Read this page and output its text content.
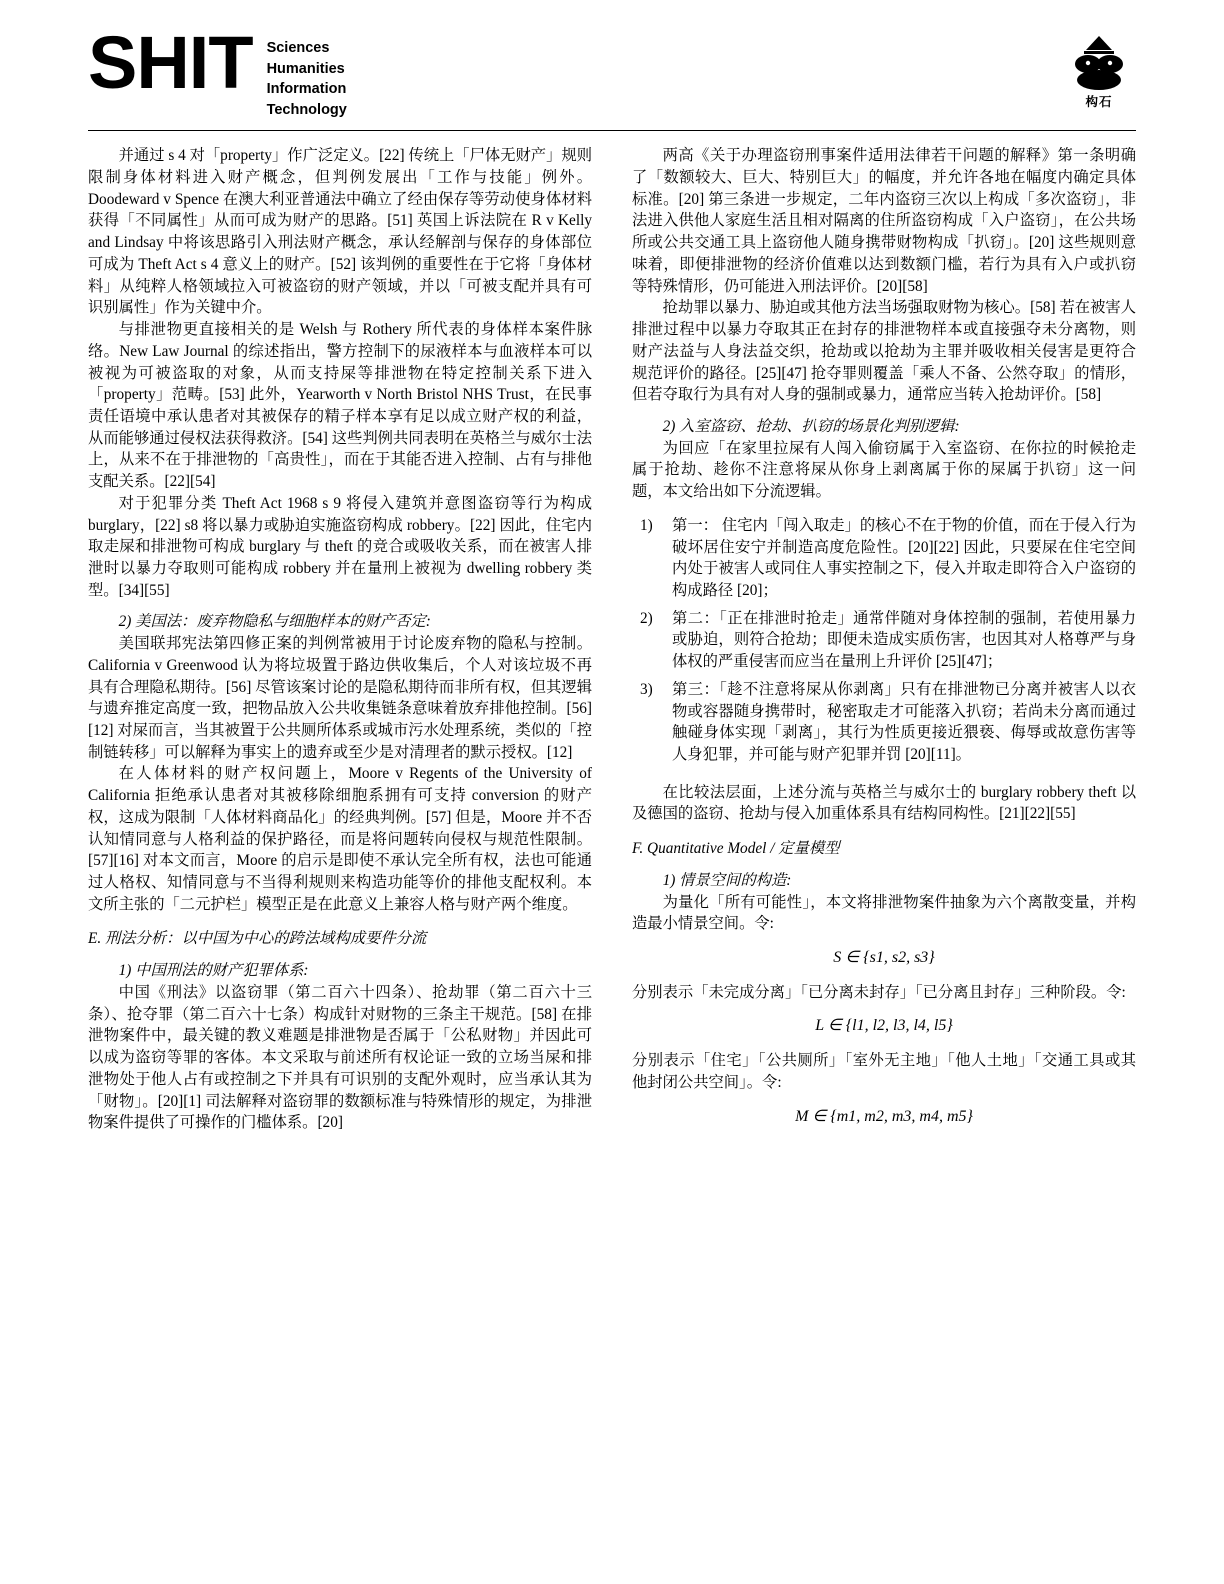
SHIT Sciences
Humanities
Information
Technology	构石

并通过 s 4 对「property」作广泛定义。[22] 传统上「尸体无财产」规则限制身体材料进入财产概念，但判例发展出「工作与技能」例外。Doodeward v Spence 在澳大利亚普通法中确立了经由保存等劳动使身体材料获得「不同属性」从而可成为财产的思路。[51] 英国上诉法院在 R v Kelly and Lindsay 中将该思路引入刑法财产概念，承认经解剖与保存的身体部位可成为 Theft Act s 4 意义上的财产。[52] 该判例的重要性在于它将「身体材料」从纯粹人格领域拉入可被盗窃的财产领域，并以「可被支配并具有可识别属性」作为关键中介。

与排泄物更直接相关的是 Welsh 与 Rothery 所代表的身体样本案件脉络。New Law Journal 的综述指出，警方控制下的尿液样本与血液样本可以被视为可被盗取的对象，从而支持屎等排泄物在特定控制关系下进入「property」范畴。[53] 此外，Yearworth v North Bristol NHS Trust，在民事责任语境中承认患者对其被保存的精子样本享有足以成立财产权的利益，从而能够通过侵权法获得救济。[54] 这些判例共同表明在英格兰与威尔士法上，从来不在于排泄物的「高贵性」，而在于其能否进入控制、占有与排他支配关系。[22][54]

对于犯罪分类 Theft Act 1968 s 9 将侵入建筑并意图盗窃等行为构成 burglary，[22] s8 将以暴力或胁迫实施盗窃构成 robbery。[22] 因此，住宅内取走屎和排泄物可构成 burglary 与 theft 的竞合或吸收关系，而在被害人排泄时以暴力夺取则可能构成 robbery 并在量刑上被视为 dwelling robbery 类型。[34][55]

2) 美国法：废弃物隐私与细胞样本的财产否定:

美国联邦宪法第四修正案的判例常被用于讨论废弃物的隐私与控制。California v Greenwood 认为将垃圾置于路边供收集后，个人对该垃圾不再具有合理隐私期待。[56] 尽管该案讨论的是隐私期待而非所有权，但其逻辑与遗弃推定高度一致，把物品放入公共收集链条意味着放弃排他控制。[56][12] 对屎而言，当其被置于公共厕所体系或城市污水处理系统，类似的「控制链转移」可以解释为事实上的遗弃或至少是对清理者的默示授权。[12]

在人体材料的财产权问题上，Moore v Regents of the University of California 拒绝承认患者对其被移除细胞系拥有可支持 conversion 的财产权，这成为限制「人体材料商品化」的经典判例。[57] 但是，Moore 并不否认知情同意与人格利益的保护路径，而是将问题转向侵权与规范性限制。[57][16] 对本文而言，Moore 的启示是即使不承认完全所有权，法也可能通过人格权、知情同意与不当得利规则来构造功能等价的排他支配权利。本文所主张的「二元护栏」模型正是在此意义上兼容人格与财产两个维度。

E. 刑法分析：以中国为中心的跨法域构成要件分流

1) 中国刑法的财产犯罪体系:

中国《刑法》以盗窃罪（第二百六十四条）、抢劫罪（第二百六十三条）、抢夺罪（第二百六十七条）构成针对财物的三条主干规范。[58] 在排泄物案件中，最关键的教义难题是排泄物是否属于「公私财物」并因此可以成为盗窃等罪的客体。本文采取与前述所有权论证一致的立场当屎和排泄物处于他人占有或控制之下并具有可识别的支配外观时，应当承认其为「财物」。[20][1] 司法解释对盗窃罪的数额标准与特殊情形的规定，为排泄物案件提供了可操作的门槛体系。[20]

两高《关于办理盗窃刑事案件适用法律若干问题的解释》第一条明确了「数额较大、巨大、特别巨大」的幅度，并允许各地在幅度内确定具体标准。[20] 第三条进一步规定，二年内盗窃三次以上构成「多次盗窃」，非法进入供他人家庭生活且相对隔离的住所盗窃构成「入户盗窃」，在公共场所或公共交通工具上盗窃他人随身携带财物构成「扒窃」。[20] 这些规则意味着，即便排泄物的经济价值难以达到数额门槛，若行为具有入户或扒窃等特殊情形，仍可能进入刑法评价。[20][58]

抢劫罪以暴力、胁迫或其他方法当场强取财物为核心。[58] 若在被害人排泄过程中以暴力夺取其正在封存的排泄物样本或直接强夺未分离物，则财产法益与人身法益交织，抢劫或以抢劫为主罪并吸收相关侵害是更符合规范评价的路径。[25][47] 抢夺罪则覆盖「乘人不备、公然夺取」的情形，但若夺取行为具有对人身的强制或暴力，通常应当转入抢劫评价。[58]

2) 入室盗窃、抢劫、扒窃的场景化判别逻辑:

为回应「在家里拉屎有人闯入偷窃属于入室盗窃、在你拉的时候抢走属于抢劫、趁你不注意将屎从你身上剥离属于你的屎属于扒窃」这一问题，本文给出如下分流逻辑。

1) 第一： 住宅内「闯入取走」的核心不在于物的价值，而在于侵入行为破坏居住安宁并制造高度危险性。[20][22] 因此，只要屎在住宅空间内处于被害人或同住人事实控制之下，侵入并取走即符合入户盗窃的构成路径 [20]；
2) 第二：「正在排泄时抢走」通常伴随对身体控制的强制，若使用暴力或胁迫，则符合抢劫；即便未造成实质伤害，也因其对人格尊严与身体权的严重侵害而应当在量刑上升评价 [25][47]；
3) 第三：「趁不注意将屎从你剥离」只有在排泄物已分离并被害人以衣物或容器随身携带时，秘密取走才可能落入扒窃；若尚未分离而通过触碰身体实现「剥离」，其行为性质更接近猥亵、侮辱或故意伤害等人身犯罪，并可能与财产犯罪并罚 [20][11]。

在比较法层面，上述分流与英格兰与威尔士的 burglary robbery theft 以及德国的盗窃、抢劫与侵入加重体系具有结构同构性。[21][22][55]

F. Quantitative Model / 定量模型

1) 情景空间的构造:

为量化「所有可能性」，本文将排泄物案件抽象为六个离散变量，并构造最小情景空间。令:

S ∈ {s1, s2, s3}

分别表示「未完成分离」「已分离未封存」「已分离且封存」三种阶段。令:

L ∈ {l1, l2, l3, l4, l5}

分别表示「住宅」「公共厕所」「室外无主地」「他人土地」「交通工具或其他封闭公共空间」。令:

M ∈ {m1, m2, m3, m4, m5}
